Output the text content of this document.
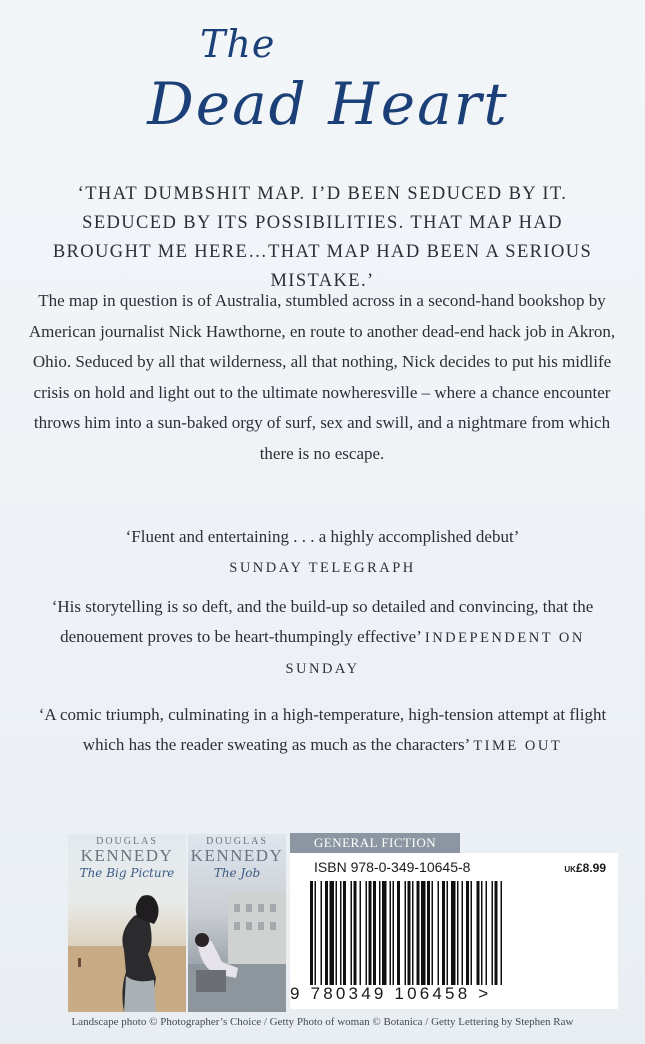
The
Dead Heart
‘THAT DUMBSHIT MAP. I’D BEEN SEDUCED BY IT. SEDUCED BY ITS POSSIBILITIES. THAT MAP HAD BROUGHT ME HERE…THAT MAP HAD BEEN A SERIOUS MISTAKE.’
The map in question is of Australia, stumbled across in a second-hand bookshop by American journalist Nick Hawthorne, en route to another dead-end hack job in Akron, Ohio. Seduced by all that wilderness, all that nothing, Nick decides to put his midlife crisis on hold and light out to the ultimate nowheresville – where a chance encounter throws him into a sun-baked orgy of surf, sex and swill, and a nightmare from which there is no escape.
‘Fluent and entertaining . . . a highly accomplished debut’
SUNDAY TELEGRAPH
‘His storytelling is so deft, and the build-up so detailed and convincing, that the denouement proves to be heart-thumpingly effective’ INDEPENDENT ON SUNDAY
‘A comic triumph, culminating in a high-temperature, high-tension attempt at flight which has the reader sweating as much as the characters’ TIME OUT
DOUGLAS
KENNEDY
The Big Picture
DOUGLAS
KENNEDY
The Job
GENERAL FICTION
ISBN 978-0-349-10645-8	UK£8.99
9 780349 106458 >
Landscape photo © Photographer’s Choice / Getty Photo of woman © Botanica / Getty Lettering by Stephen Raw
